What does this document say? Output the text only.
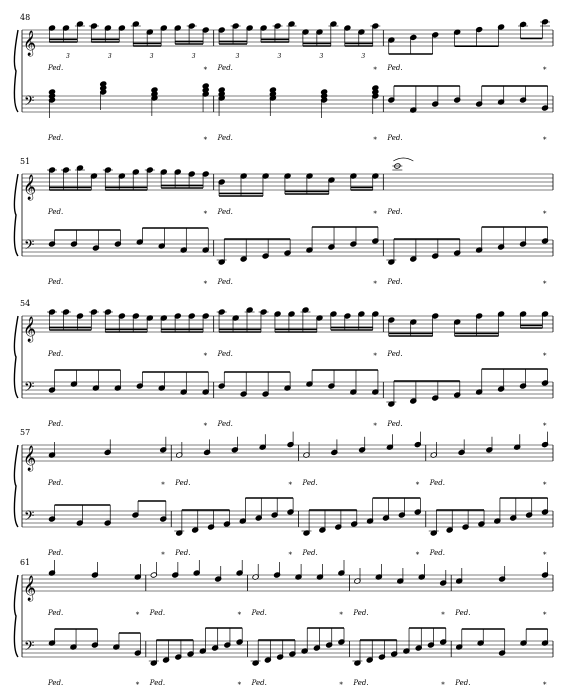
48
𝄞
𝄢
3	3	3	3
Ped.	*
Ped.	*
3	3	3	3
Ped.	*
Ped.	*
Ped.	*
Ped.	*
51
𝄞
𝄢
Ped.	*
Ped.	*
Ped.	*
Ped.	*
Ped.	*
Ped.	*
54
𝄞
𝄢
Ped.	*
Ped.	*
Ped.	*
Ped.	*
Ped.	*
Ped.	*
57
𝄞
𝄢
Ped.	*
Ped.	*
Ped.	*
Ped.	*
Ped.	*
Ped.	*
Ped.	*
Ped.	*
61
𝄞
𝄢
Ped.	*
Ped.	*
Ped.	*
Ped.	*
Ped.	*
Ped.	*
Ped.	*
Ped.	*
Ped.	*
Ped.	*
